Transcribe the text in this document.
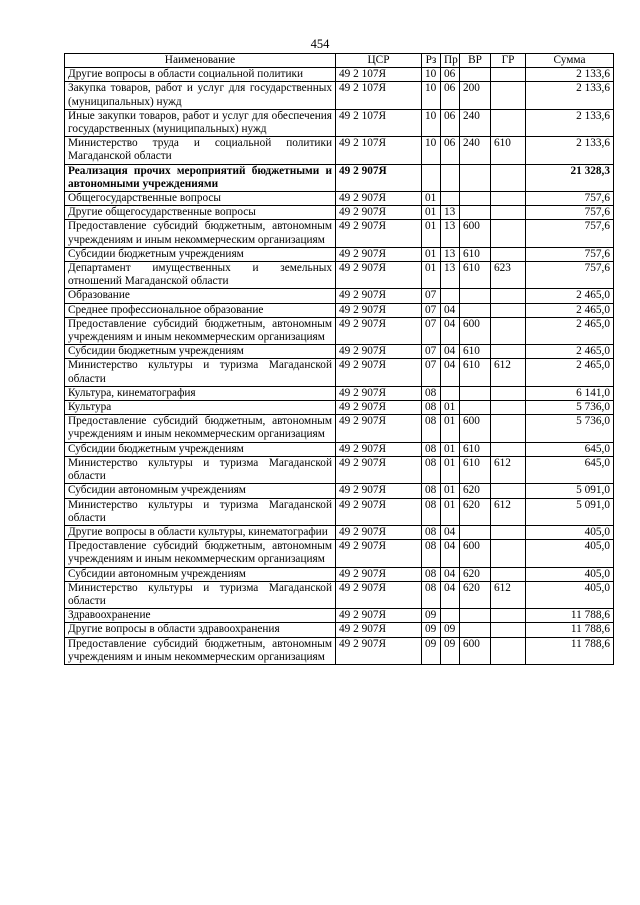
454
Наименование	ЦСР	Рз	Пр	ВР	ГР	Сумма
Другие вопросы в области социальной политики	49 2 107Я	10	06			2 133,6
Закупка товаров, работ и услуг для государственных (муниципальных) нужд	49 2 107Я	10	06	200		2 133,6
Иные закупки товаров, работ и услуг для обеспечения государственных (муниципальных) нужд	49 2 107Я	10	06	240		2 133,6
Министерство труда и социальной политики Магаданской области	49 2 107Я	10	06	240	610	2 133,6
Реализация прочих мероприятий бюджетными и автономными учреждениями	49 2 907Я					21 328,3
Общегосударственные вопросы	49 2 907Я	01				757,6
Другие общегосударственные вопросы	49 2 907Я	01	13			757,6
Предоставление субсидий бюджетным, автономным учреждениям и иным некоммерческим организациям	49 2 907Я	01	13	600		757,6
Субсидии бюджетным учреждениям	49 2 907Я	01	13	610		757,6
Департамент имущественных и земельных отношений Магаданской области	49 2 907Я	01	13	610	623	757,6
Образование	49 2 907Я	07				2 465,0
Среднее профессиональное образование	49 2 907Я	07	04			2 465,0
Предоставление субсидий бюджетным, автономным учреждениям и иным некоммерческим организациям	49 2 907Я	07	04	600		2 465,0
Субсидии бюджетным учреждениям	49 2 907Я	07	04	610		2 465,0
Министерство культуры и туризма Магаданской области	49 2 907Я	07	04	610	612	2 465,0
Культура, кинематография	49 2 907Я	08				6 141,0
Культура	49 2 907Я	08	01			5 736,0
Предоставление субсидий бюджетным, автономным учреждениям и иным некоммерческим организациям	49 2 907Я	08	01	600		5 736,0
Субсидии бюджетным учреждениям	49 2 907Я	08	01	610		645,0
Министерство культуры и туризма Магаданской области	49 2 907Я	08	01	610	612	645,0
Субсидии автономным учреждениям	49 2 907Я	08	01	620		5 091,0
Министерство культуры и туризма Магаданской области	49 2 907Я	08	01	620	612	5 091,0
Другие вопросы в области культуры, кинематографии	49 2 907Я	08	04			405,0
Предоставление субсидий бюджетным, автономным учреждениям и иным некоммерческим организациям	49 2 907Я	08	04	600		405,0
Субсидии автономным учреждениям	49 2 907Я	08	04	620		405,0
Министерство культуры и туризма Магаданской области	49 2 907Я	08	04	620	612	405,0
Здравоохранение	49 2 907Я	09				11 788,6
Другие вопросы в области здравоохранения	49 2 907Я	09	09			11 788,6
Предоставление субсидий бюджетным, автономным учреждениям и иным некоммерческим организациям	49 2 907Я	09	09	600		11 788,6
